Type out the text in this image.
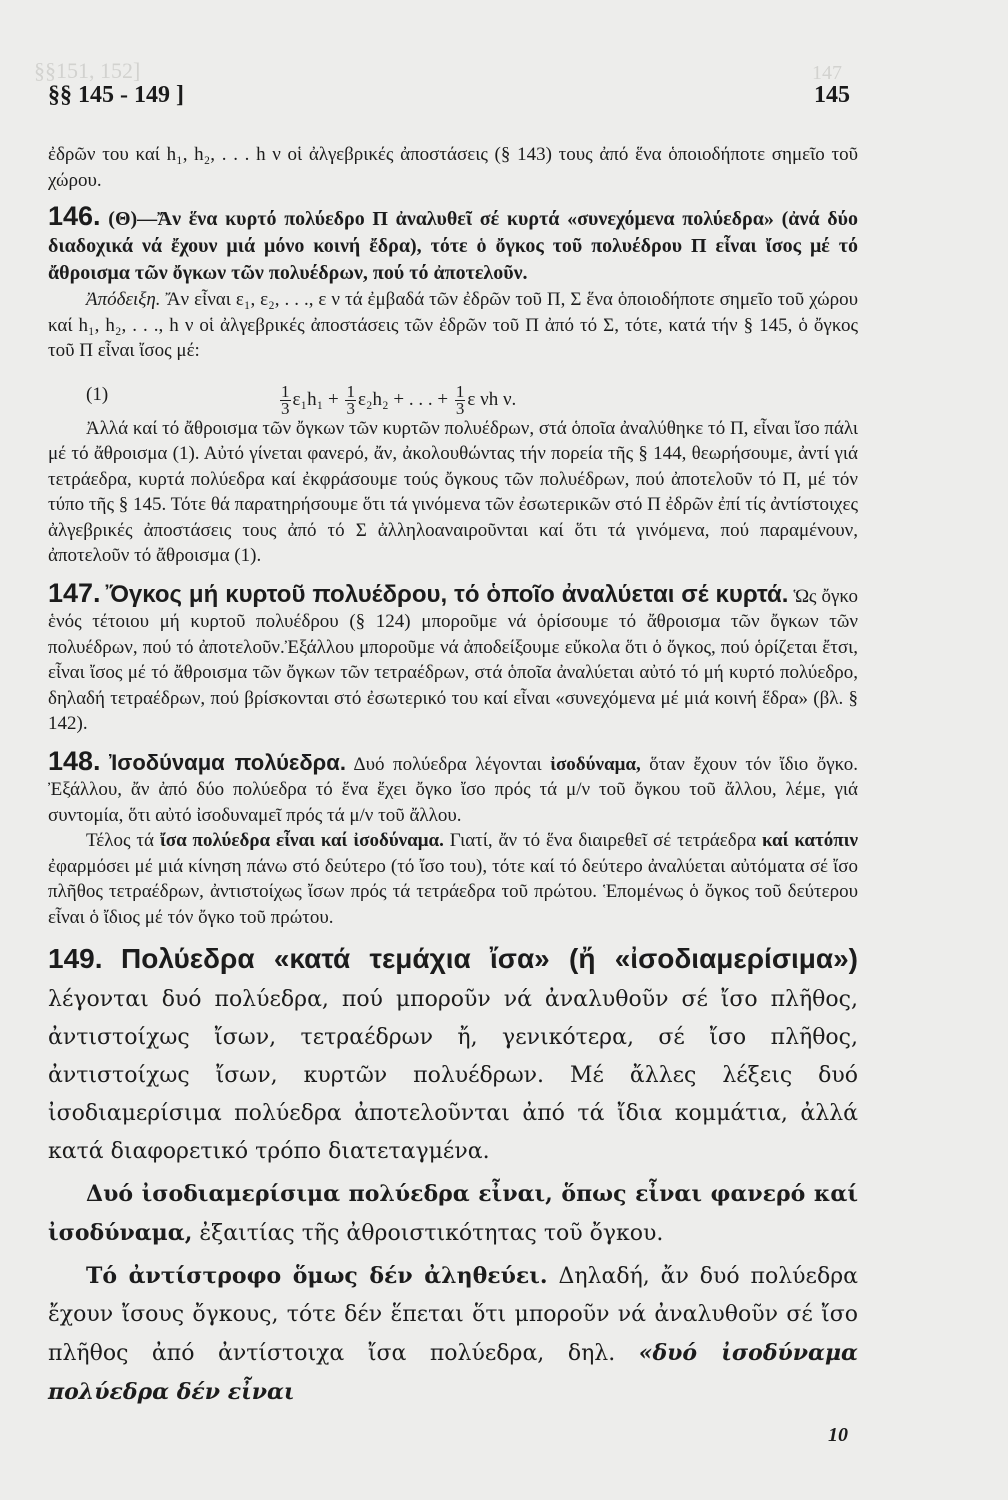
§§151, 152]	147
§§ 145 - 149 ]	145

ἐδρῶν του καί h₁, h₂, . . . h ν οἱ ἀλγεβρικές ἀποστάσεις (§ 143) τους ἀπό ἕνα ὁποιοδήποτε σημεῖο τοῦ χώρου.

146. (Θ)—Ἄν ἕνα κυρτό πολύεδρο Π ἀναλυθεῖ σέ κυρτά «συνεχόμενα πολύεδρα» (ἀνά δύο διαδοχικά νά ἔχουν μιά μόνο κοινή ἔδρα), τότε ὁ ὄγκος τοῦ πολυέδρου Π εἶναι ἴσος μέ τό ἄθροισμα τῶν ὄγκων τῶν πολυέδρων, πού τό ἀποτελοῦν.

Ἀπόδειξη. Ἄν εἶναι ε₁, ε₂, . . ., ε ν τά ἐμβαδά τῶν ἐδρῶν τοῦ Π, Σ ἕνα ὁποιοδήποτε σημεῖο τοῦ χώρου καί h₁, h₂, . . ., h ν οἱ ἀλγεβρικές ἀποστάσεις τῶν ἐδρῶν τοῦ Π ἀπό τό Σ, τότε, κατά τήν § 145, ὁ ὄγκος τοῦ Π εἶναι ἴσος μέ:

(1)	$\frac{1}{3} \varepsilon_1h_1 + \frac{1}{3} \varepsilon_2h_2$ + . . . + $\frac{1}{3}$ ε νh ν.

Ἀλλά καί τό ἄθροισμα τῶν ὄγκων τῶν κυρτῶν πολυέδρων, στά ὁποῖα ἀναλύθηκε τό Π, εἶναι ἴσο πάλι μέ τό ἄθροισμα (1). Αὐτό γίνεται φανερό, ἄν, ἀκολουθώντας τήν πορεία τῆς § 144, θεωρήσουμε, ἀντί γιά τετράεδρα, κυρτά πολύεδρα καί ἐκφράσουμε τούς ὄγκους τῶν πολυέδρων, πού ἀποτελοῦν τό Π, μέ τόν τύπο τῆς § 145. Τότε θά παρατηρήσουμε ὅτι τά γινόμενα τῶν ἐσωτερικῶν στό Π ἐδρῶν ἐπί τίς ἀντίστοιχες ἀλγεβρικές ἀποστάσεις τους ἀπό τό Σ ἀλληλοαναιροῦνται καί ὅτι τά γινόμενα, πού παραμένουν, ἀποτελοῦν τό ἄθροισμα (1).

147. Ὄγκος μή κυρτοῦ πολυέδρου, τό ὁποῖο ἀναλύεται σέ κυρτά. Ὡς ὄγκο ἑνός τέτοιου μή κυρτοῦ πολυέδρου (§ 124) μποροῦμε νά ὁρίσουμε τό ἄθροισμα τῶν ὄγκων τῶν πολυέδρων, πού τό ἀποτελοῦν.Ἐξάλλου μποροῦμε νά ἀποδείξουμε εὔκολα ὅτι ὁ ὄγκος, πού ὁρίζεται ἔτσι, εἶναι ἴσος μέ τό ἄθροισμα τῶν ὄγκων τῶν τετραέδρων, στά ὁποῖα ἀναλύεται αὐτό τό μή κυρτό πολύεδρο, δηλαδή τετραέδρων, πού βρίσκονται στό ἐσωτερικό του καί εἶναι «συνεχόμενα μέ μιά κοινή ἕδρα» (βλ. § 142).

148. Ἰσοδύναμα πολύεδρα. Δυό πολύεδρα λέγονται ἰσοδύναμα, ὅταν ἔχουν τόν ἴδιο ὄγκο. Ἐξάλλου, ἄν ἀπό δύο πολύεδρα τό ἕνα ἔχει ὄγκο ἴσο πρός τά μ/ν τοῦ ὄγκου τοῦ ἄλλου, λέμε, γιά συντομία, ὅτι αὐτό ἰσοδυναμεῖ πρός τά μ/ν τοῦ ἄλλου.

Τέλος τά ἴσα πολύεδρα εἶναι καί ἰσοδύναμα. Γιατί, ἄν τό ἕνα διαιρεθεῖ σέ τετράεδρα καί κατόπιν ἐφαρμόσει μέ μιά κίνηση πάνω στό δεύτερο (τό ἴσο του), τότε καί τό δεύτερο ἀναλύεται αὐτόματα σέ ἴσο πλῆθος τετραέδρων, ἀντιστοίχως ἴσων πρός τά τετράεδρα τοῦ πρώτου. Ἑπομένως ὁ ὄγκος τοῦ δεύτερου εἶναι ὁ ἴδιος μέ τόν ὄγκο τοῦ πρώτου.

149. Πολύεδρα «κατά τεμάχια ἴσα» (ἤ «ἰσοδιαμερίσιμα») λέγονται δυό πολύεδρα, πού μποροῦν νά ἀναλυθοῦν σέ ἴσο πλῆθος, ἀντιστοίχως ἴσων, τετραέδρων ἤ, γενικότερα, σέ ἴσο πλῆθος, ἀντιστοίχως ἴσων, κυρτῶν πολυέδρων. Μέ ἄλλες λέξεις δυό ἰσοδιαμερίσιμα πολύεδρα ἀποτελοῦνται ἀπό τά ἴδια κομμάτια, ἀλλά κατά διαφορετικό τρόπο διατεταγμένα.

Δυό ἰσοδιαμερίσιμα πολύεδρα εἶναι, ὅπως εἶναι φανερό καί ἰσοδύναμα, ἐξαιτίας τῆς ἀθροιστικότητας τοῦ ὄγκου.

Τό ἀντίστροφο ὅμως δέν ἀληθεύει. Δηλαδή, ἄν δυό πολύεδρα ἔχουν ἴσους ὄγκους, τότε δέν ἕπεται ὅτι μποροῦν νά ἀναλυθοῦν σέ ἴσο πλῆθος ἀπό ἀντίστοιχα ἴσα πολύεδρα, δηλ. «δυό ἰσοδύναμα πολύεδρα δέν εἶναι

10
